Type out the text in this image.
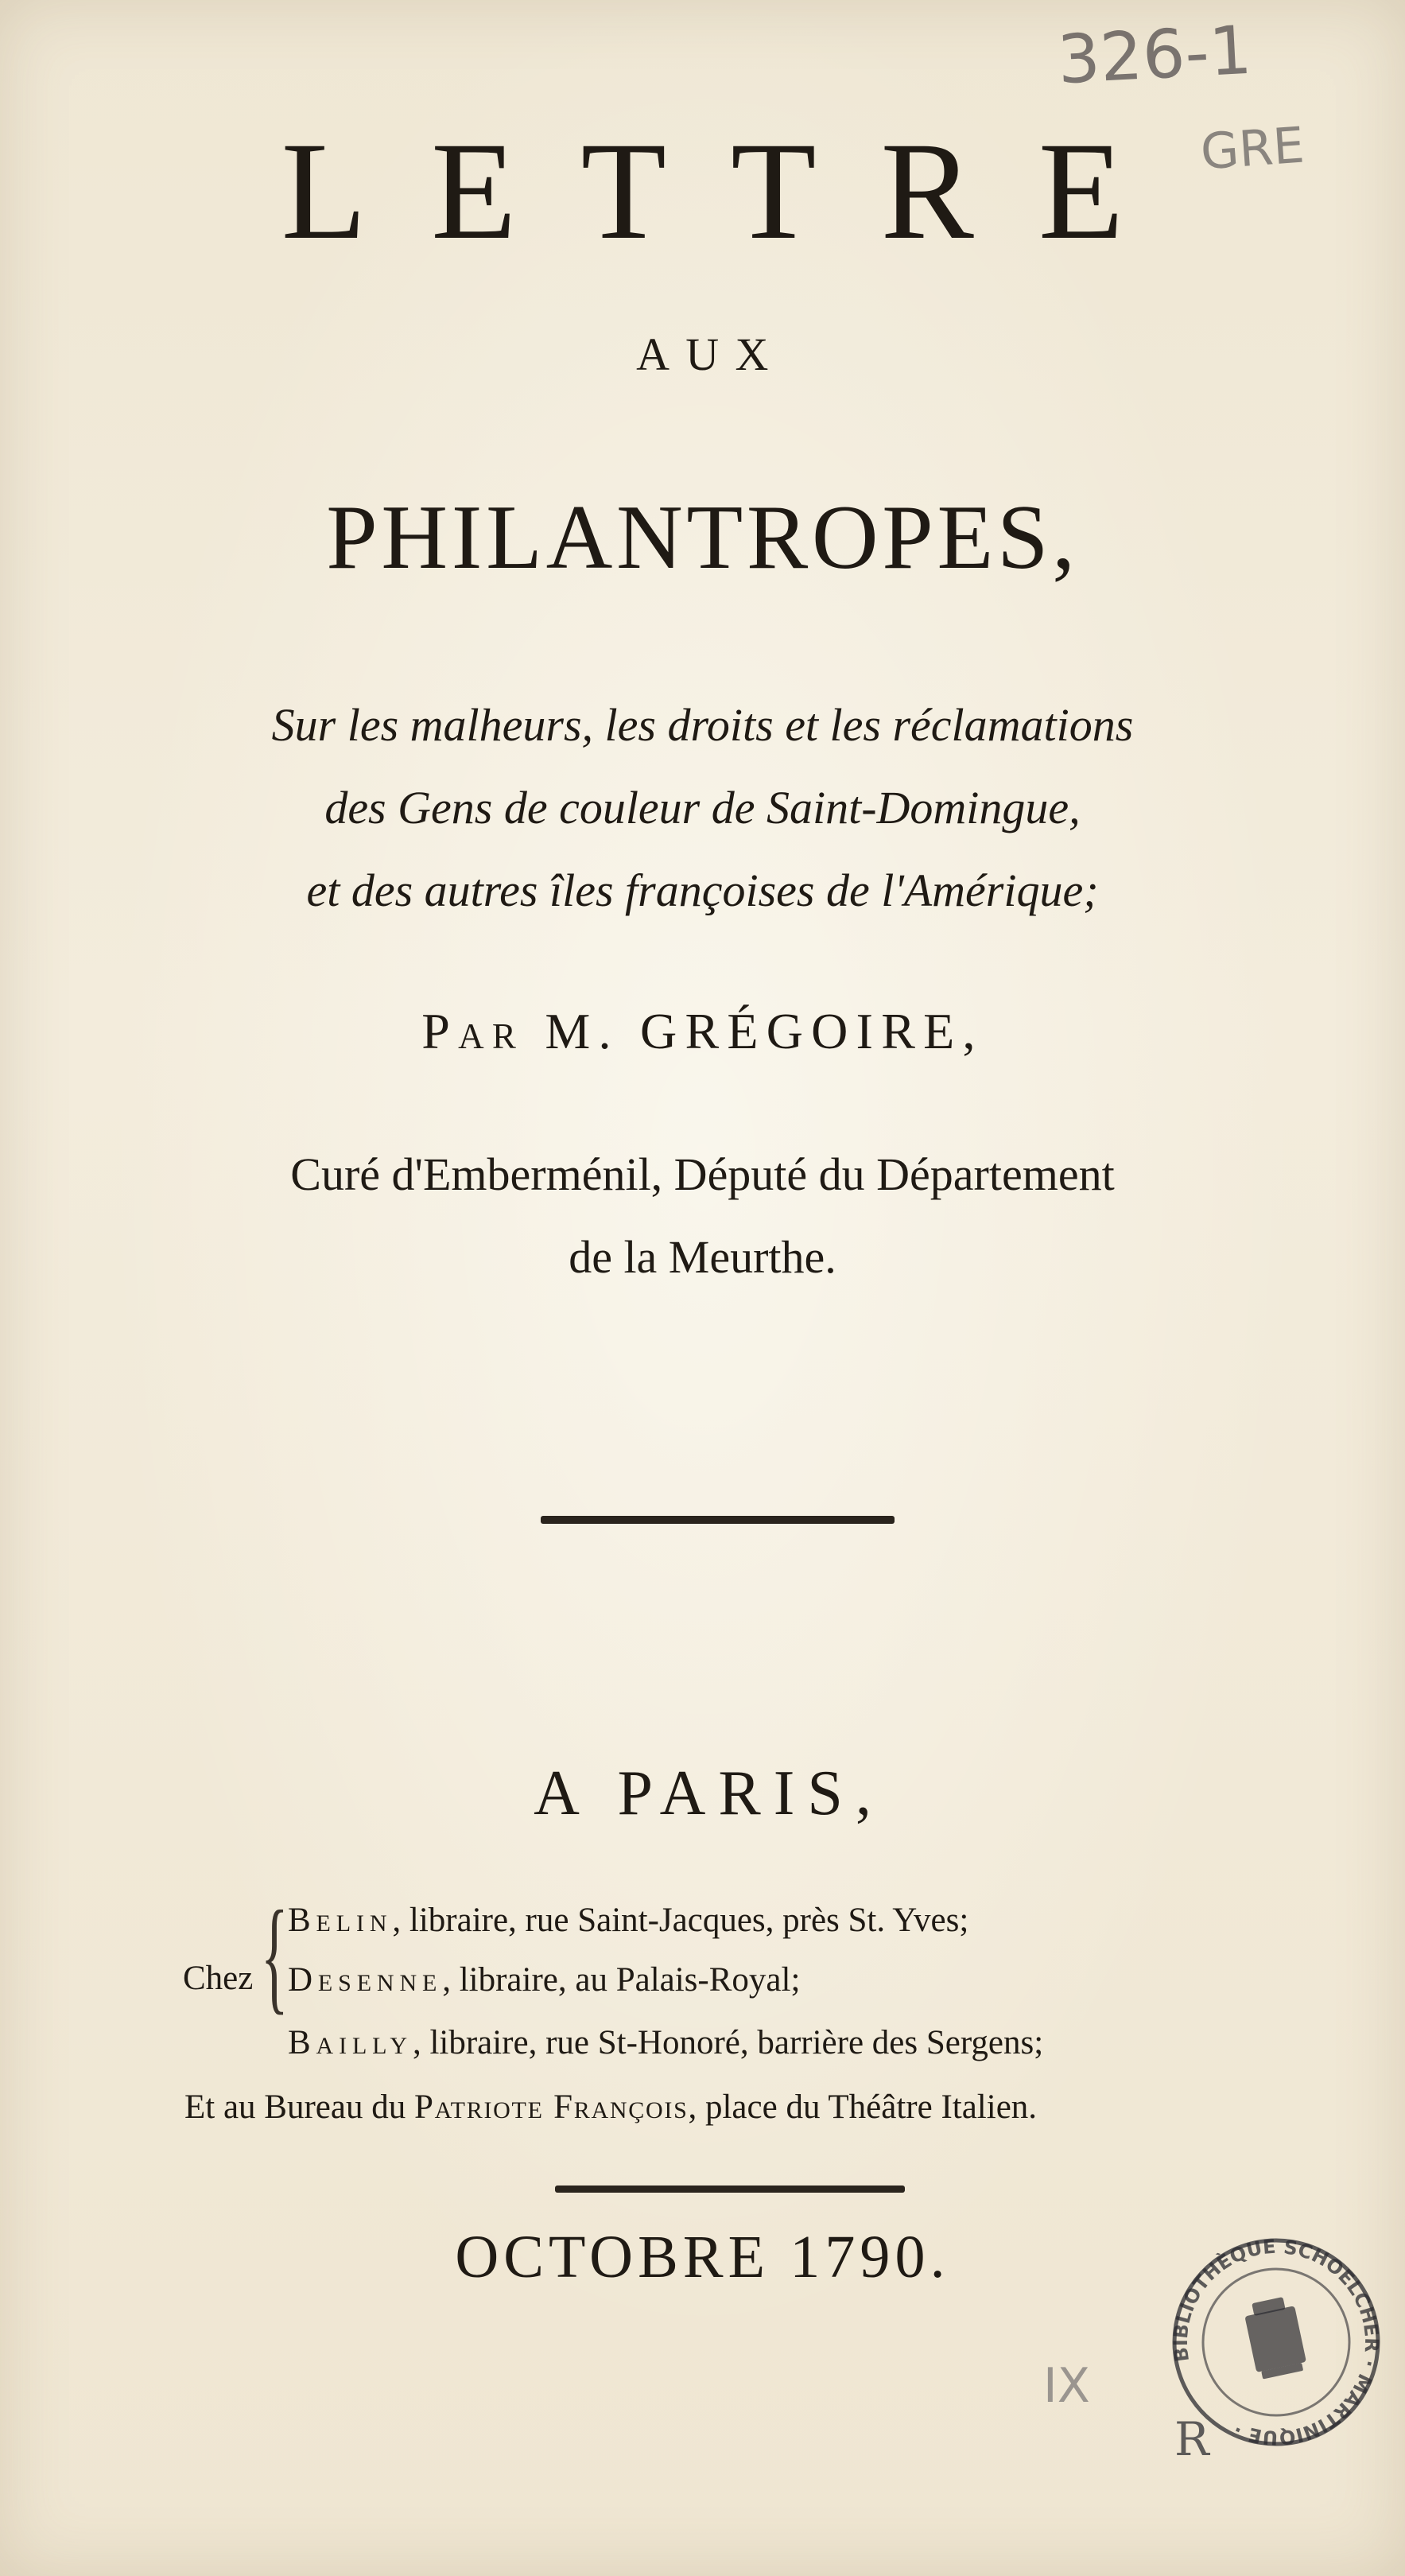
326-1
GRE
LETTRE
AUX
PHILANTROPES,
Sur les malheurs, les droits et les réclamations
des Gens de couleur de Saint-Domingue,
et des autres îles françoises de l'Amérique;
Par M. GRÉGOIRE,
Curé d'Emberménil, Député du Département
de la Meurthe.
A PARIS,
Chez { Belin, libraire, rue Saint-Jacques, près St. Yves;
Desenne, libraire, au Palais-Royal;
Bailly, libraire, rue St-Honoré, barrière des Sergens;
Et au Bureau du Patriote François, place du Théâtre Italien.
OCTOBRE 1790.
IX
BIBLIOTHÈQUE SCHOELCHER · MARTINIQUE ·
R
